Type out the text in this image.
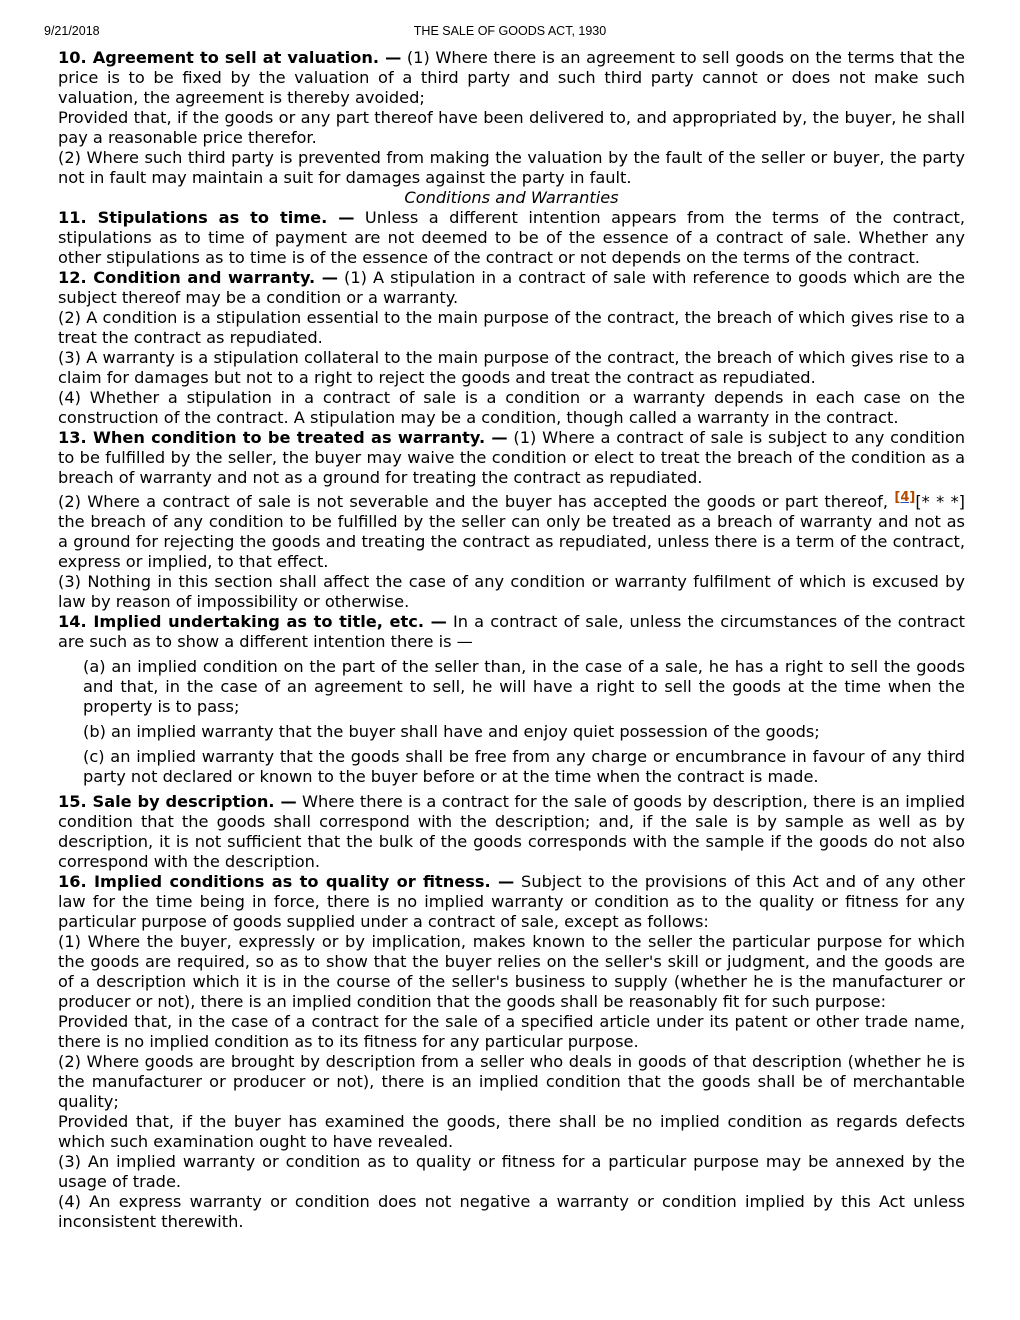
9/21/2018	THE SALE OF GOODS ACT, 1930
10. Agreement to sell at valuation. — (1) Where there is an agreement to sell goods on the terms that the price is to be fixed by the valuation of a third party and such third party cannot or does not make such valuation, the agreement is thereby avoided;
Provided that, if the goods or any part thereof have been delivered to, and appropriated by, the buyer, he shall pay a reasonable price therefor.
(2) Where such third party is prevented from making the valuation by the fault of the seller or buyer, the party not in fault may maintain a suit for damages against the party in fault.
Conditions and Warranties
11. Stipulations as to time. — Unless a different intention appears from the terms of the contract, stipulations as to time of payment are not deemed to be of the essence of a contract of sale. Whether any other stipulations as to time is of the essence of the contract or not depends on the terms of the contract.
12. Condition and warranty. — (1) A stipulation in a contract of sale with reference to goods which are the subject thereof may be a condition or a warranty.
(2) A condition is a stipulation essential to the main purpose of the contract, the breach of which gives rise to a treat the contract as repudiated.
(3) A warranty is a stipulation collateral to the main purpose of the contract, the breach of which gives rise to a claim for damages but not to a right to reject the goods and treat the contract as repudiated.
(4) Whether a stipulation in a contract of sale is a condition or a warranty depends in each case on the construction of the contract. A stipulation may be a condition, though called a warranty in the contract.
13. When condition to be treated as warranty. — (1) Where a contract of sale is subject to any condition to be fulfilled by the seller, the buyer may waive the condition or elect to treat the breach of the condition as a breach of warranty and not as a ground for treating the contract as repudiated.
(2) Where a contract of sale is not severable and the buyer has accepted the goods or part thereof, [4][* * *] the breach of any condition to be fulfilled by the seller can only be treated as a breach of warranty and not as a ground for rejecting the goods and treating the contract as repudiated, unless there is a term of the contract, express or implied, to that effect.
(3) Nothing in this section shall affect the case of any condition or warranty fulfilment of which is excused by law by reason of impossibility or otherwise.
14. Implied undertaking as to title, etc. — In a contract of sale, unless the circumstances of the contract are such as to show a different intention there is —
(a) an implied condition on the part of the seller than, in the case of a sale, he has a right to sell the goods and that, in the case of an agreement to sell, he will have a right to sell the goods at the time when the property is to pass;
(b) an implied warranty that the buyer shall have and enjoy quiet possession of the goods;
(c) an implied warranty that the goods shall be free from any charge or encumbrance in favour of any third party not declared or known to the buyer before or at the time when the contract is made.
15. Sale by description. — Where there is a contract for the sale of goods by description, there is an implied condition that the goods shall correspond with the description; and, if the sale is by sample as well as by description, it is not sufficient that the bulk of the goods corresponds with the sample if the goods do not also correspond with the description.
16. Implied conditions as to quality or fitness. — Subject to the provisions of this Act and of any other law for the time being in force, there is no implied warranty or condition as to the quality or fitness for any particular purpose of goods supplied under a contract of sale, except as follows:
(1) Where the buyer, expressly or by implication, makes known to the seller the particular purpose for which the goods are required, so as to show that the buyer relies on the seller's skill or judgment, and the goods are of a description which it is in the course of the seller's business to supply (whether he is the manufacturer or producer or not), there is an implied condition that the goods shall be reasonably fit for such purpose:
Provided that, in the case of a contract for the sale of a specified article under its patent or other trade name, there is no implied condition as to its fitness for any particular purpose.
(2) Where goods are brought by description from a seller who deals in goods of that description (whether he is the manufacturer or producer or not), there is an implied condition that the goods shall be of merchantable quality;
Provided that, if the buyer has examined the goods, there shall be no implied condition as regards defects which such examination ought to have revealed.
(3) An implied warranty or condition as to quality or fitness for a particular purpose may be annexed by the usage of trade.
(4) An express warranty or condition does not negative a warranty or condition implied by this Act unless inconsistent therewith.
